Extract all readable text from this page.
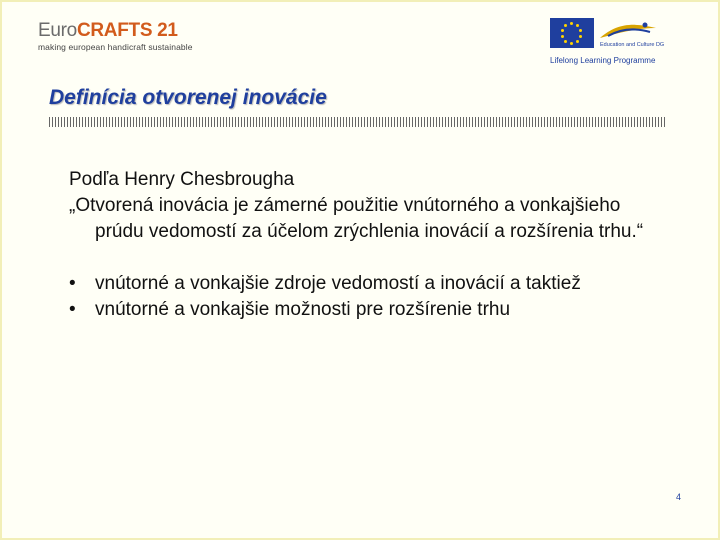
EuroCRAFTS 21
making european handicraft sustainable	Education and Culture DG
Lifelong Learning Programme
Definícia otvorenej inovácie

Podľa Henry Chesbrougha

„Otvorená inovácia je zámerné použitie vnútorného a vonkajšieho prúdu vedomostí za účelom zrýchlenia inovácií a rozšírenia trhu.“

• vnútorné a vonkajšie zdroje vedomostí a inovácií a taktiež
• vnútorné a vonkajšie možnosti pre rozšírenie trhu
4
